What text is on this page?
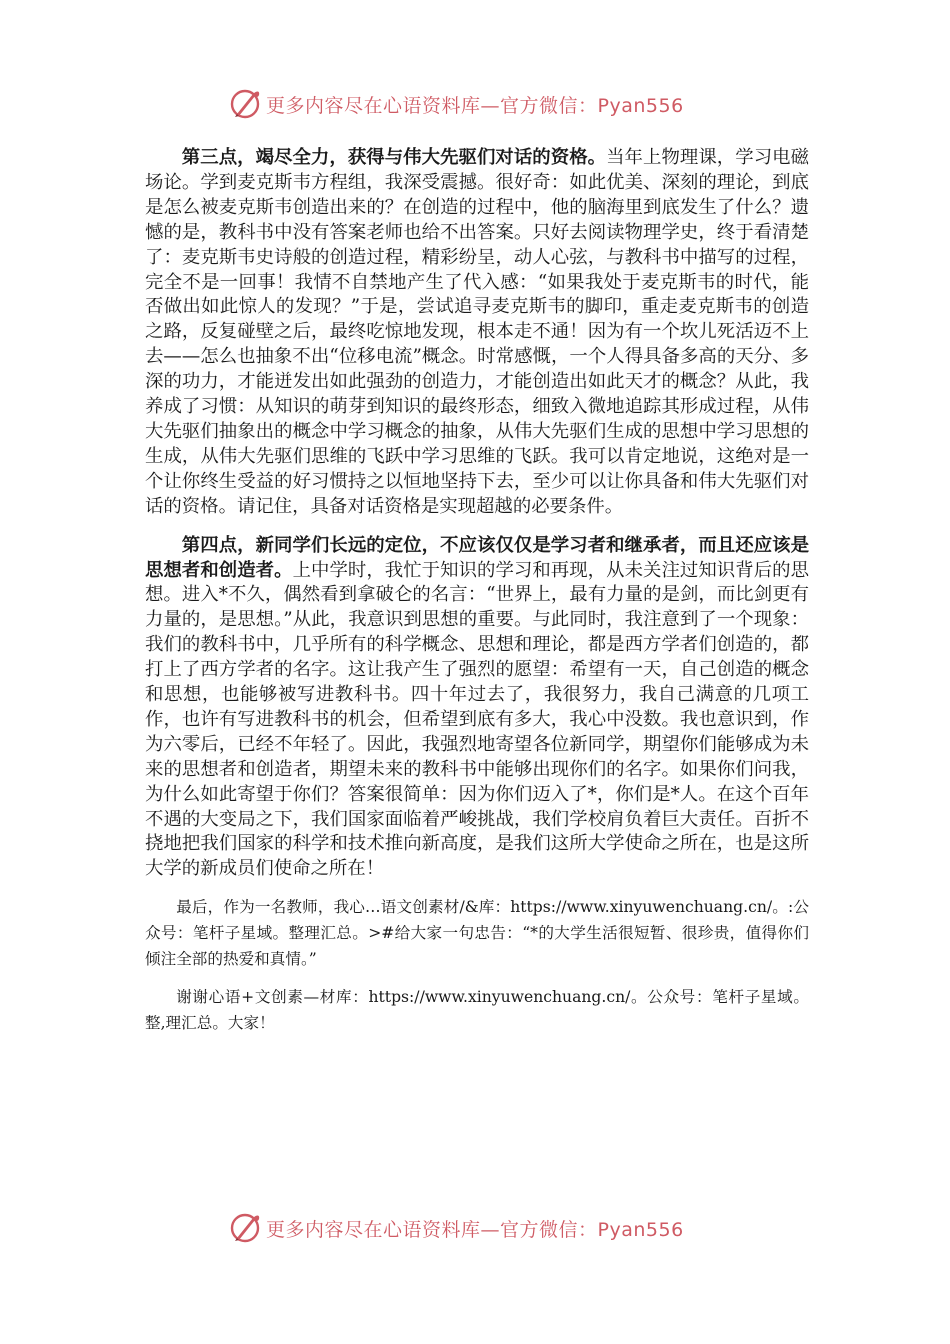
更多内容尽在心语资料库—官方微信：Pyan556

第三点，竭尽全力，获得与伟大先驱们对话的资格。当年上物理课，学习电磁场论。学到麦克斯韦方程组，我深受震撼。很好奇：如此优美、深刻的理论，到底是怎么被麦克斯韦创造出来的？在创造的过程中，他的脑海里到底发生了什么？遗憾的是，教科书中没有答案老师也给不出答案。只好去阅读物理学史，终于看清楚了：麦克斯韦史诗般的创造过程，精彩纷呈，动人心弦，与教科书中描写的过程，完全不是一回事！我情不自禁地产生了代入感：“如果我处于麦克斯韦的时代，能否做出如此惊人的发现？”于是，尝试追寻麦克斯韦的脚印，重走麦克斯韦的创造之路，反复碰壁之后，最终吃惊地发现，根本走不通！因为有一个坎儿死活迈不上去——怎么也抽象不出“位移电流”概念。时常感慨，一个人得具备多高的天分、多深的功力，才能迸发出如此强劲的创造力，才能创造出如此天才的概念？从此，我养成了习惯：从知识的萌芽到知识的最终形态，细致入微地追踪其形成过程，从伟大先驱们抽象出的概念中学习概念的抽象，从伟大先驱们生成的思想中学习思想的生成，从伟大先驱们思维的飞跃中学习思维的飞跃。我可以肯定地说，这绝对是一个让你终生受益的好习惯持之以恒地坚持下去，至少可以让你具备和伟大先驱们对话的资格。请记住，具备对话资格是实现超越的必要条件。

第四点，新同学们长远的定位，不应该仅仅是学习者和继承者，而且还应该是思想者和创造者。上中学时，我忙于知识的学习和再现，从未关注过知识背后的思想。进入*不久，偶然看到拿破仑的名言：“世界上，最有力量的是剑，而比剑更有力量的，是思想。”从此，我意识到思想的重要。与此同时，我注意到了一个现象：我们的教科书中，几乎所有的科学概念、思想和理论，都是西方学者们创造的，都打上了西方学者的名字。这让我产生了强烈的愿望：希望有一天，自己创造的概念和思想，也能够被写进教科书。四十年过去了，我很努力，我自己满意的几项工作，也许有写进教科书的机会，但希望到底有多大，我心中没数。我也意识到，作为六零后，已经不年轻了。因此，我强烈地寄望各位新同学，期望你们能够成为未来的思想者和创造者，期望未来的教科书中能够出现你们的名字。如果你们问我，为什么如此寄望于你们？答案很简单：因为你们迈入了*，你们是*人。在这个百年不遇的大变局之下，我们国家面临着严峻挑战，我们学校肩负着巨大责任。百折不挠地把我们国家的科学和技术推向新高度，是我们这所大学使命之所在，也是这所大学的新成员们使命之所在！

最后，作为一名教师，我心…语文创素材/&库：https://www.xinyuwenchuang.cn/。:公众号：笔杆子星域。整理汇总。>#给大家一句忠告：“*的大学生活很短暂、很珍贵，值得你们倾注全部的热爱和真情。”

谢谢心语+文创素—材库：https://www.xinyuwenchuang.cn/。公众号：笔杆子星域。整,理汇总。大家！

更多内容尽在心语资料库—官方微信：Pyan556
